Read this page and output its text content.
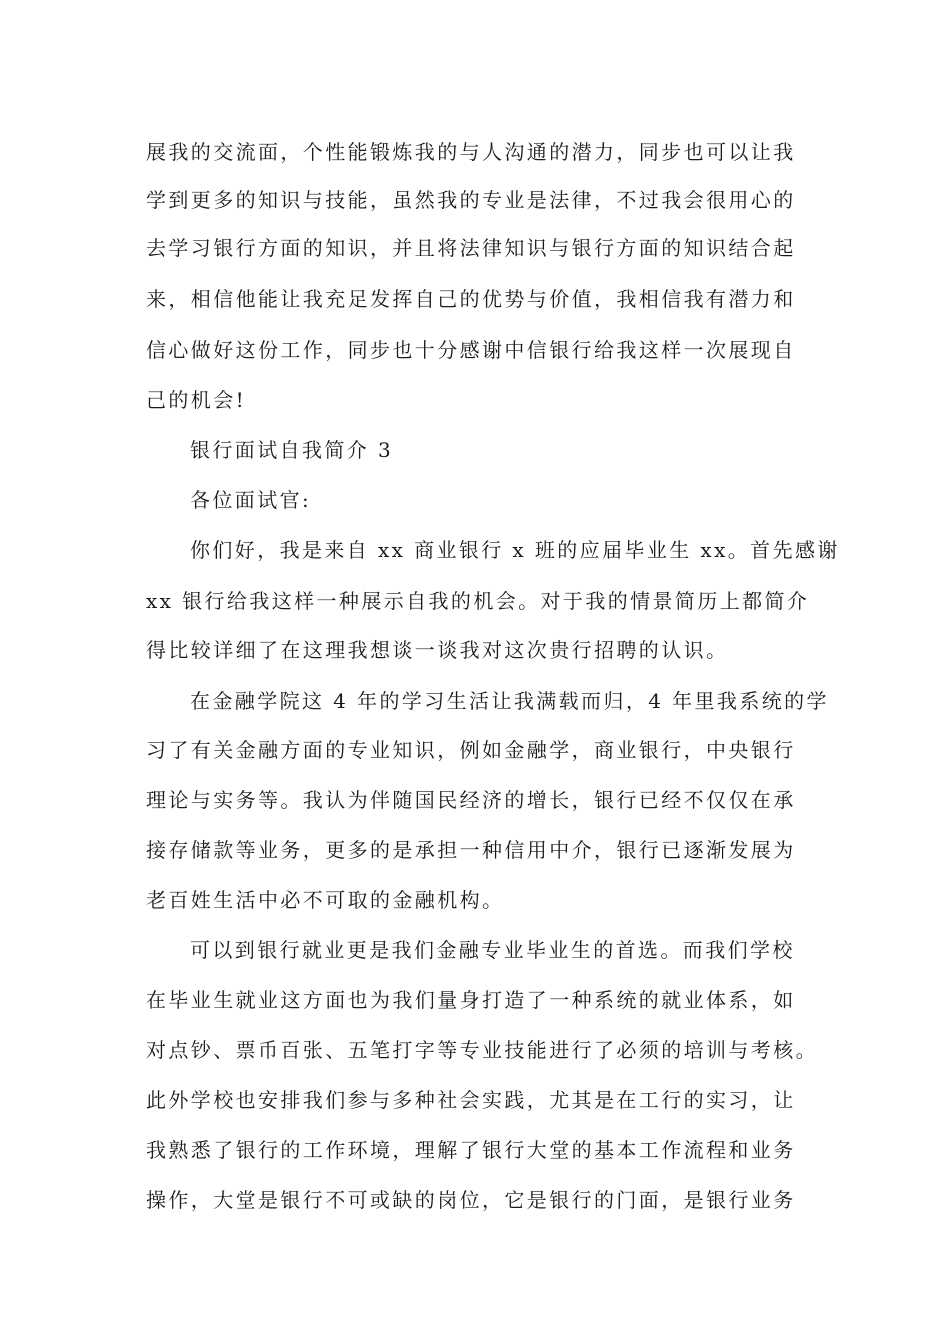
展我的交流面，个性能锻炼我的与人沟通的潜力，同步也可以让我
学到更多的知识与技能，虽然我的专业是法律，不过我会很用心的
去学习银行方面的知识，并且将法律知识与银行方面的知识结合起
来，相信他能让我充足发挥自己的优势与价值，我相信我有潜力和
信心做好这份工作，同步也十分感谢中信银行给我这样一次展现自
己的机会!
银行面试自我简介 3
各位面试官:
你们好，我是来自 xx 商业银行 x 班的应届毕业生 xx。首先感谢
xx 银行给我这样一种展示自我的机会。对于我的情景简历上都简介
得比较详细了在这理我想谈一谈我对这次贵行招聘的认识。
在金融学院这 4 年的学习生活让我满载而归，4 年里我系统的学
习了有关金融方面的专业知识，例如金融学，商业银行，中央银行
理论与实务等。我认为伴随国民经济的增长，银行已经不仅仅在承
接存储款等业务，更多的是承担一种信用中介，银行已逐渐发展为
老百姓生活中必不可取的金融机构。
可以到银行就业更是我们金融专业毕业生的首选。而我们学校
在毕业生就业这方面也为我们量身打造了一种系统的就业体系，如
对点钞、票币百张、五笔打字等专业技能进行了必须的培训与考核。
此外学校也安排我们参与多种社会实践，尤其是在工行的实习，让
我熟悉了银行的工作环境，理解了银行大堂的基本工作流程和业务
操作，大堂是银行不可或缺的岗位，它是银行的门面，是银行业务
